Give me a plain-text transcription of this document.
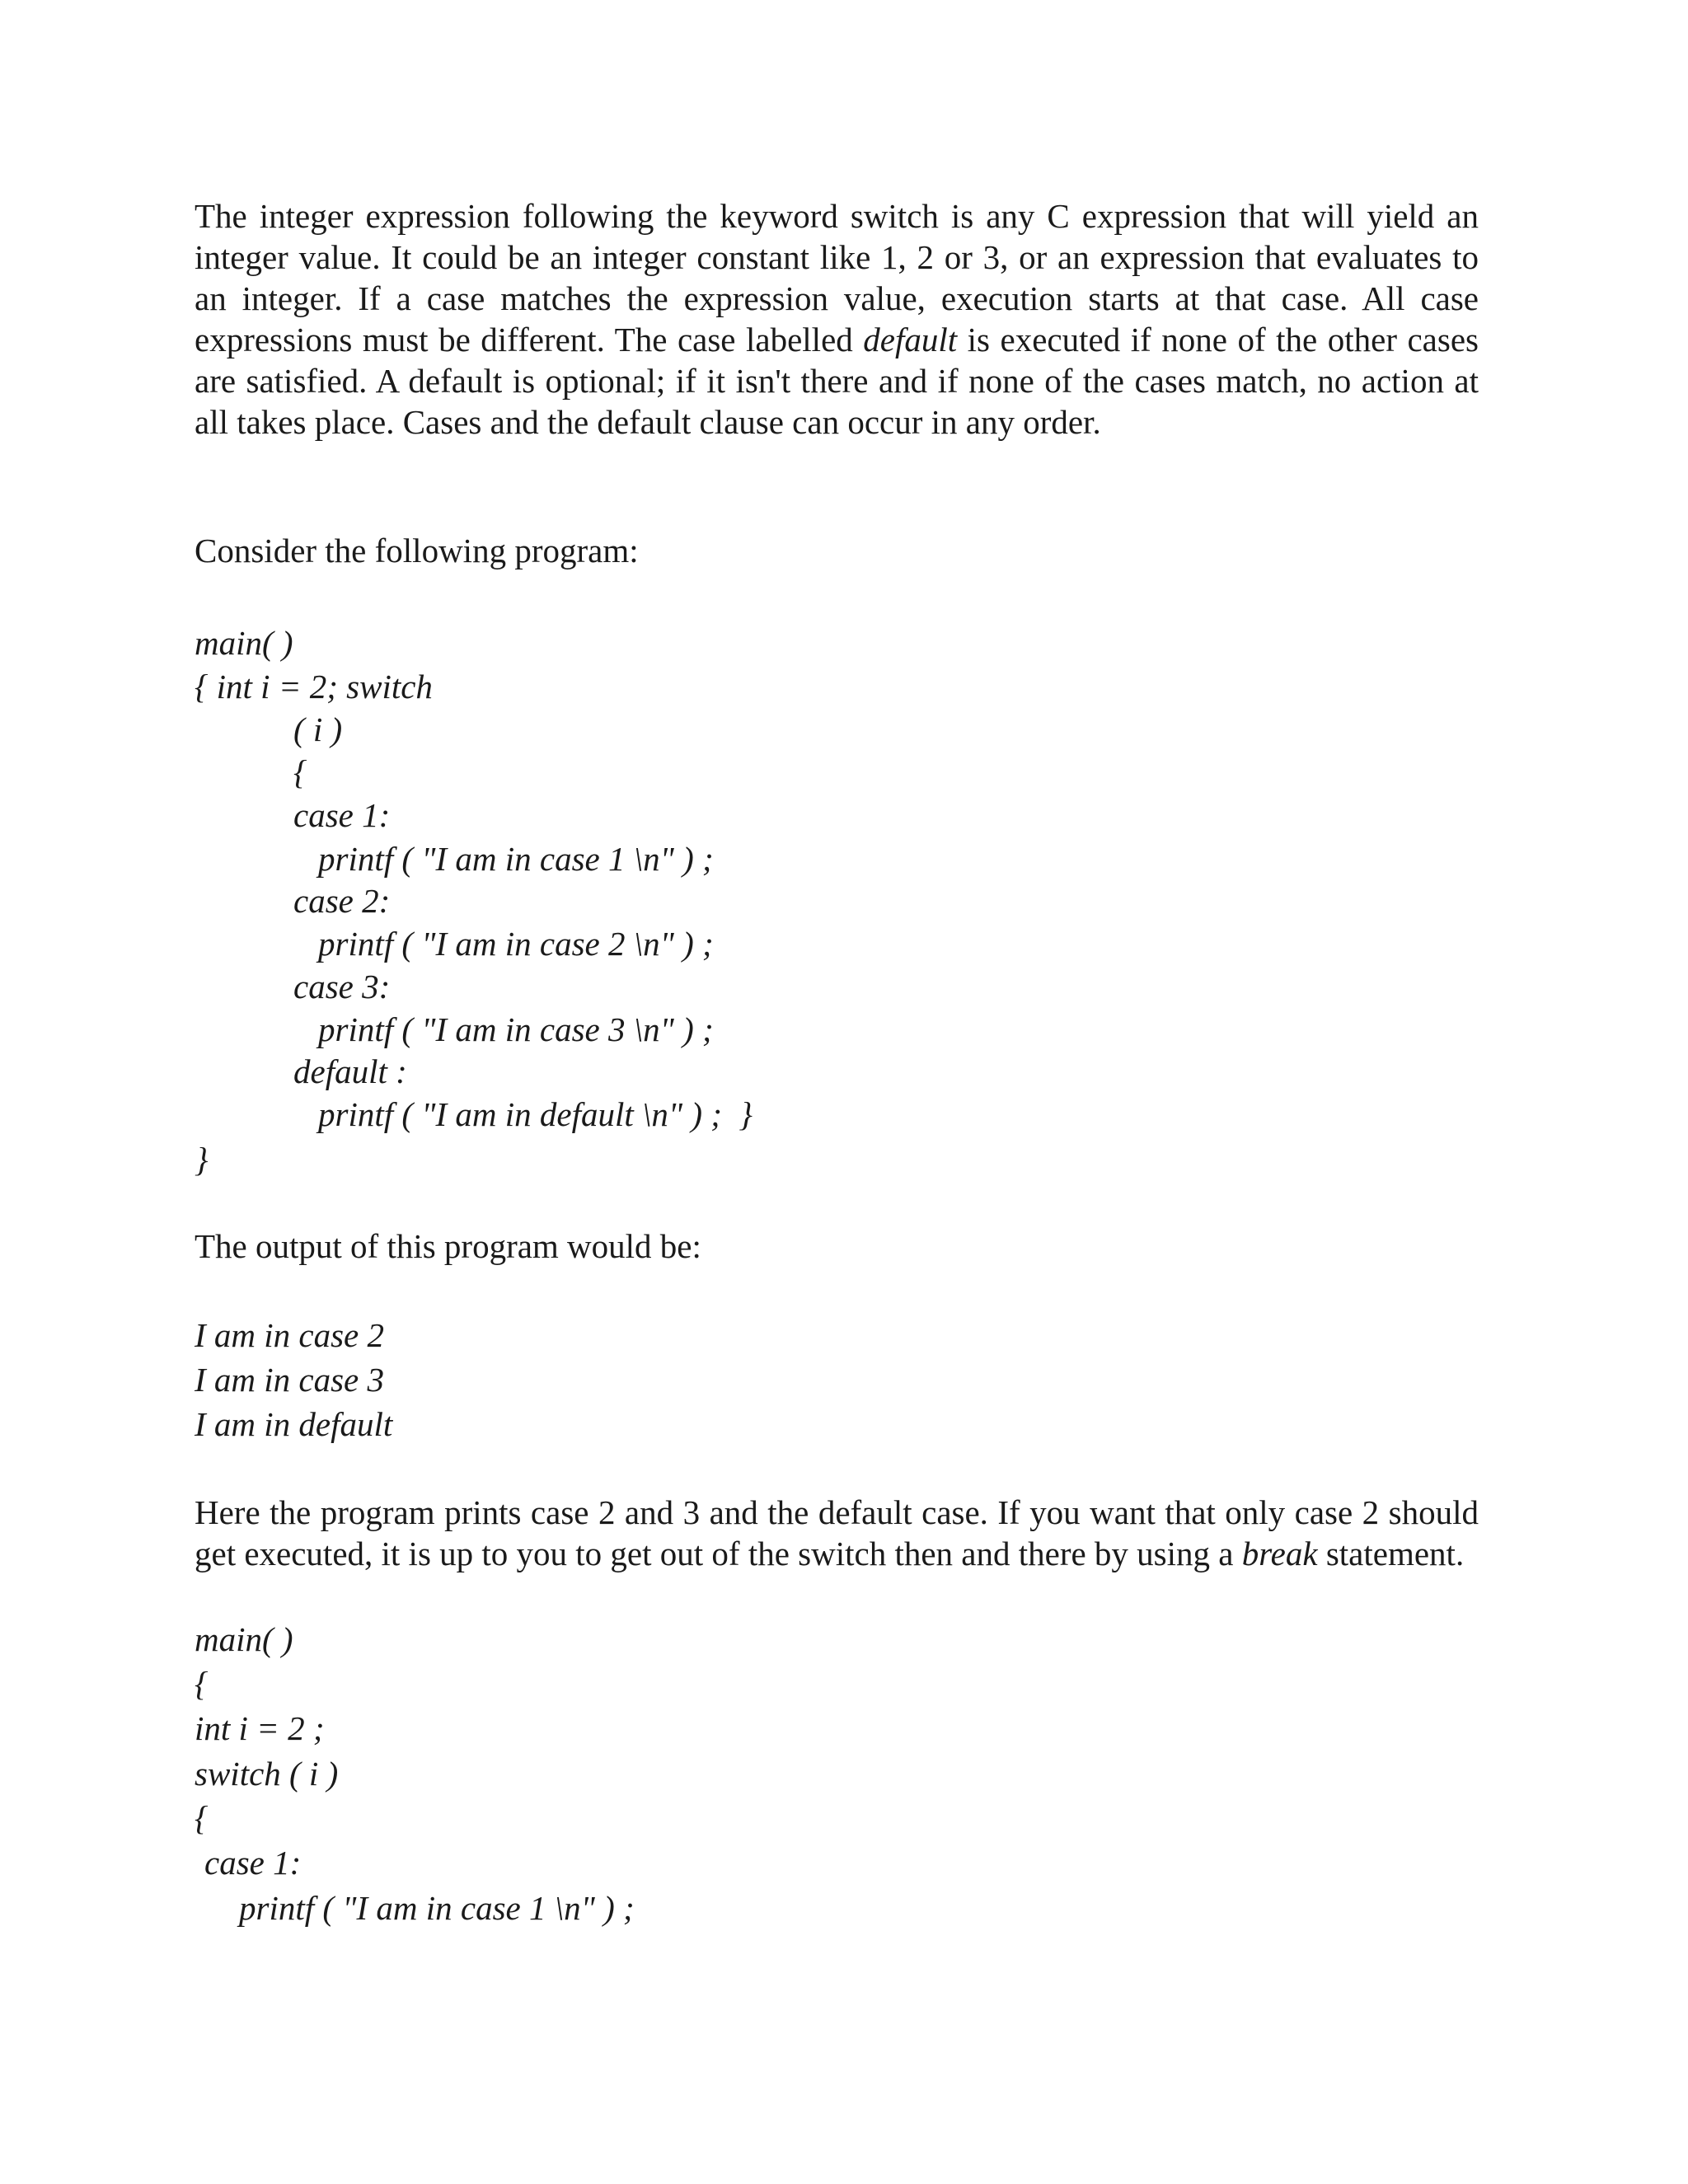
The integer expression following the keyword switch is any C expression that will yield an integer value. It could be an integer constant like 1, 2 or 3, or an expression that evaluates to an integer. If a case matches the expression value, execution starts at that case. All case expressions must be different. The case labelled default is executed if none of the other cases are satisfied. A default is optional; if it isn't there and if none of the cases match, no action at all takes place. Cases and the default clause can occur in any order.

Consider the following program:

main( )

{ int i = 2; switch

( i )

{

case 1:

printf ( "I am in case 1 \n" ) ;

case 2:

printf ( "I am in case 2 \n" ) ;

case 3:

printf ( "I am in case 3 \n" ) ;

default :

printf ( "I am in default \n" ) ;  }

}

The output of this program would be:

I am in case 2

I am in case 3

I am in default

Here the program prints case 2 and 3 and the default case. If you want that only case 2 should get executed, it is up to you to get out of the switch then and there by using a break statement.

main( )

{

int i = 2 ;

switch ( i )

{

case 1:

printf ( "I am in case 1 \n" ) ;
